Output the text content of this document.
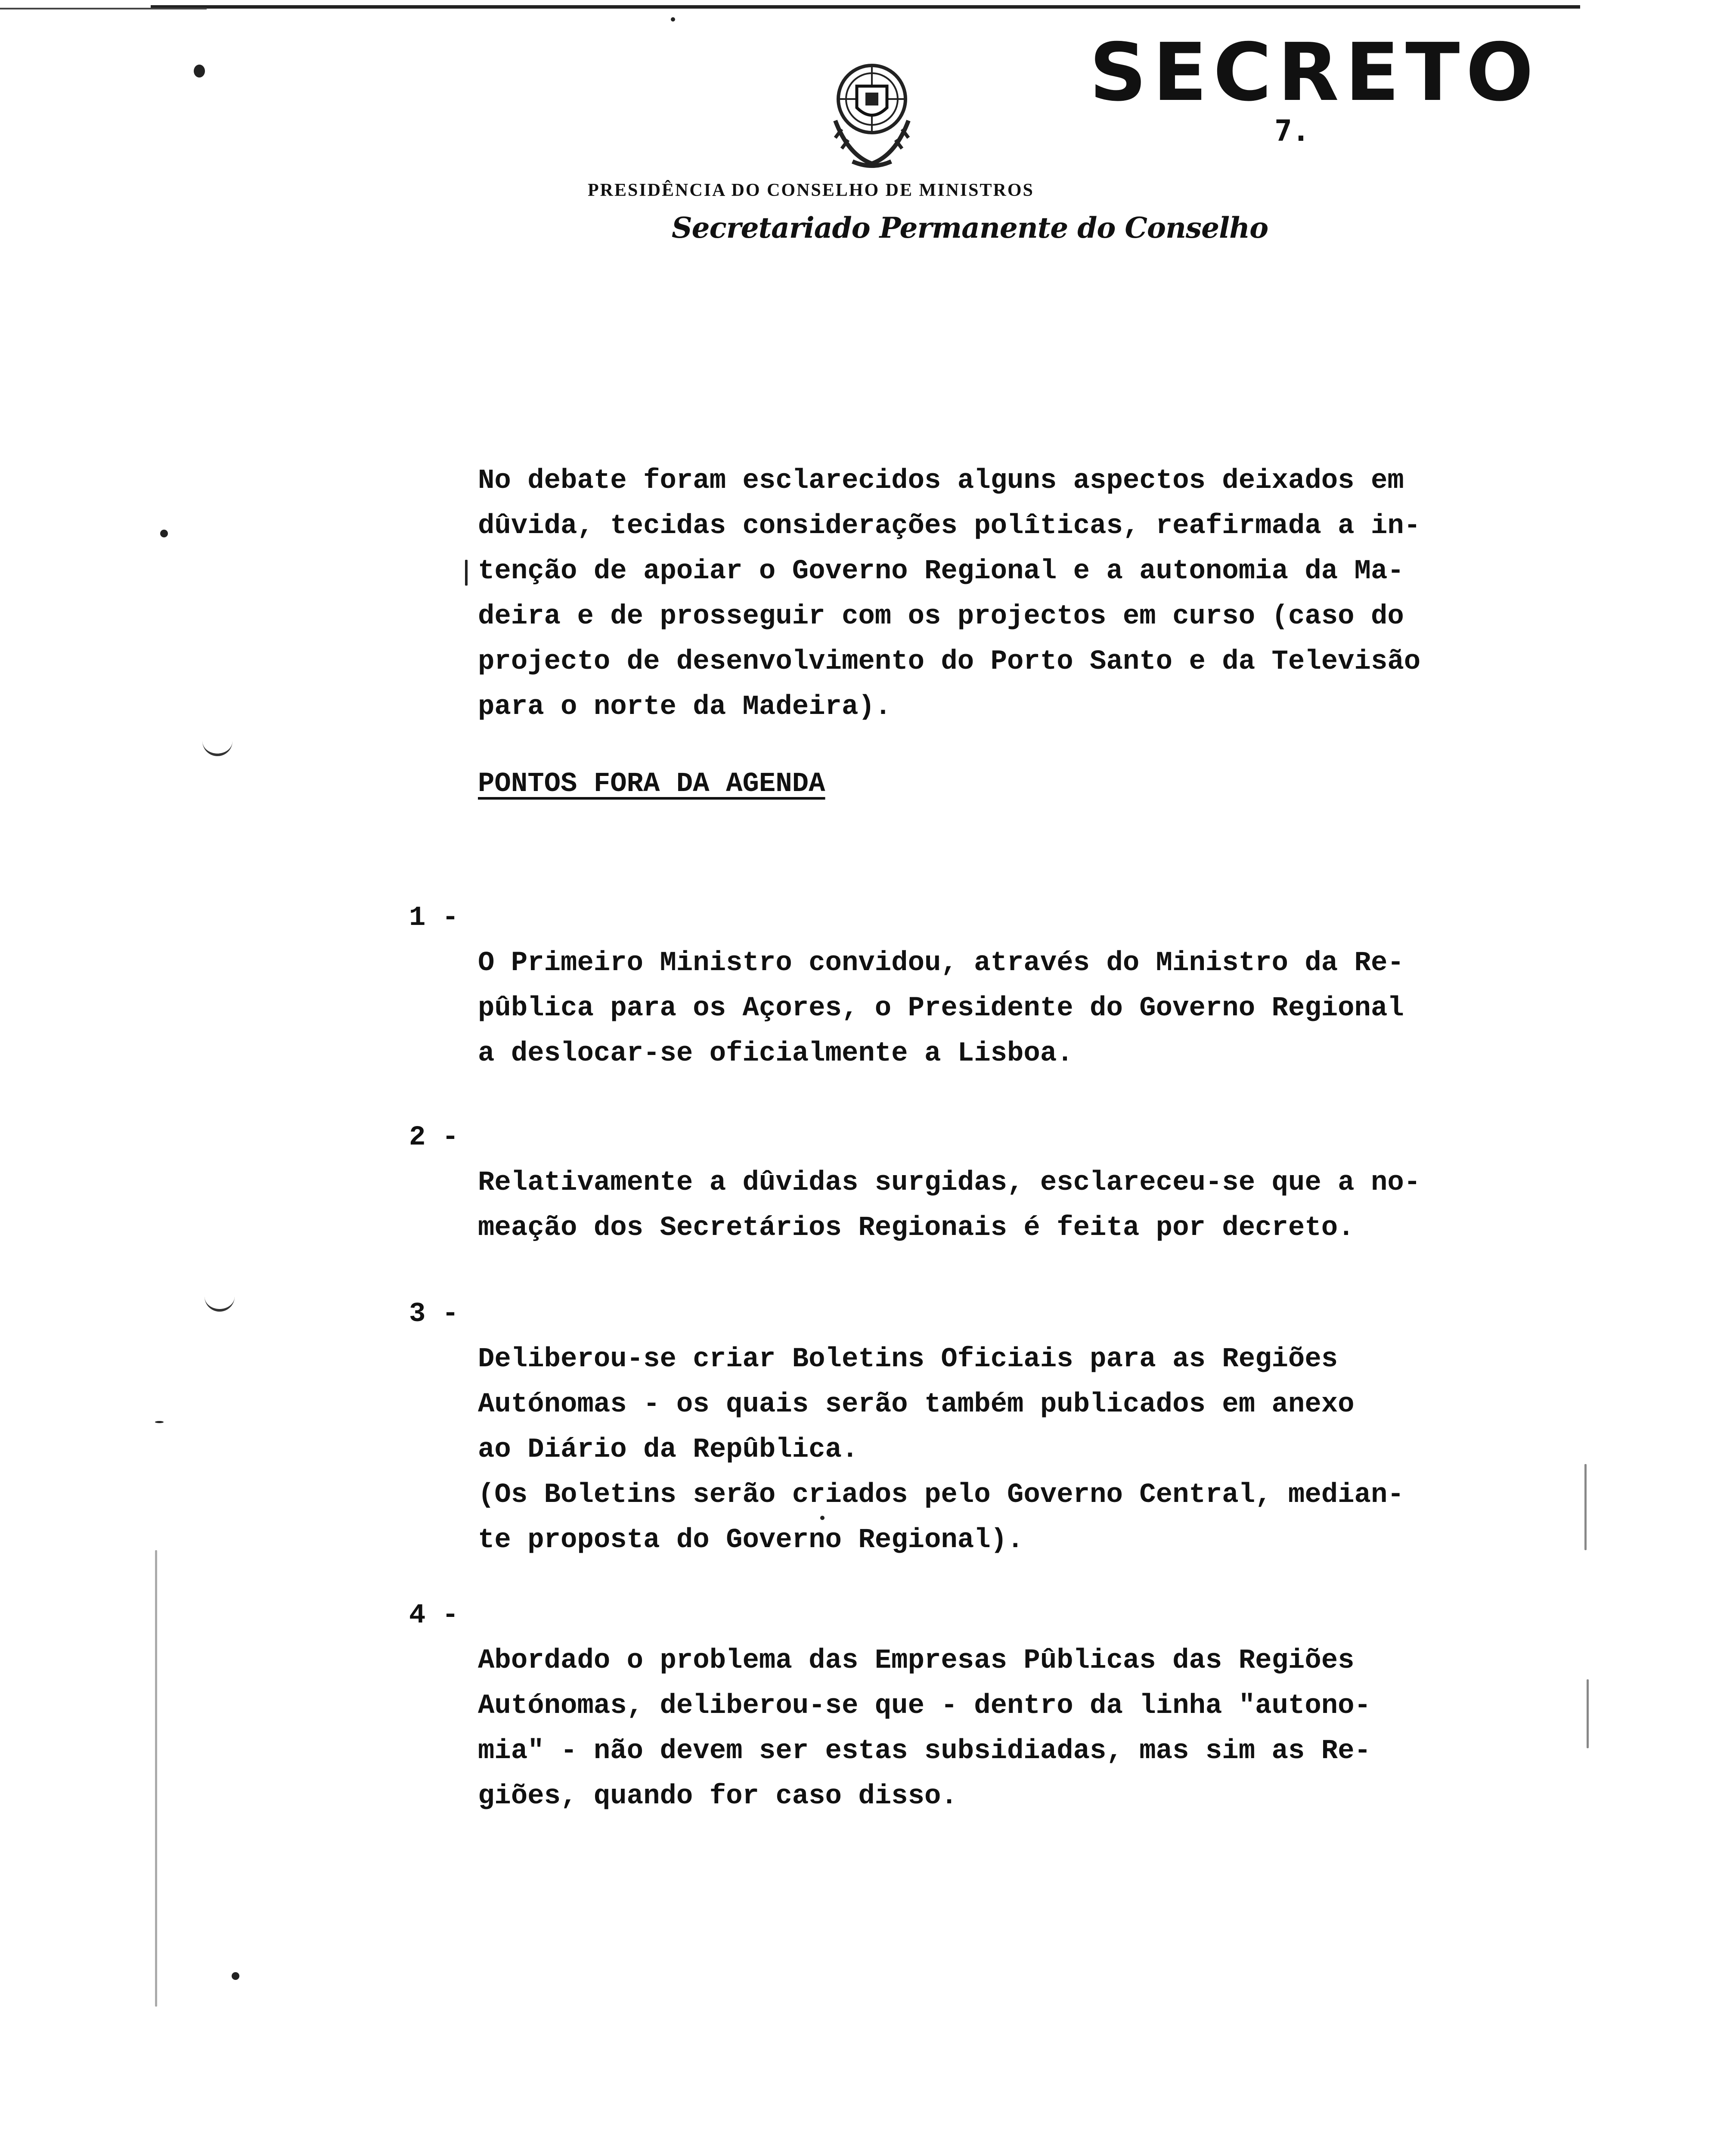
SECRETO
7.
PRESIDÊNCIA DO CONSELHO DE MINISTROS
Secretariado Permanente do Conselho

No debate foram esclarecidos alguns aspectos deixados em
dûvida, tecidas considerações polîticas, reafirmada a in-
tenção de apoiar o Governo Regional e a autonomia da Ma-
deira e de prosseguir com os projectos em curso (caso do
projecto de desenvolvimento do Porto Santo e da Televisão
para o norte da Madeira).

PONTOS FORA DA AGENDA
1 -

O Primeiro Ministro convidou, através do Ministro da Re-
pûblica para os Açores, o Presidente do Governo Regional
a deslocar-se oficialmente a Lisboa.

2 -

Relativamente a dûvidas surgidas, esclareceu-se que a no-
meação dos Secretários Regionais é feita por decreto.

3 -

Deliberou-se criar Boletins Oficiais para as Regiões
Autónomas - os quais serão também publicados em anexo
ao Diário da Repûblica.
(Os Boletins serão criados pelo Governo Central, median-
te proposta do Governo Regional).

4 -

Abordado o problema das Empresas Pûblicas das Regiões
Autónomas, deliberou-se que - dentro da linha "autono-
mia" - não devem ser estas subsidiadas, mas sim as Re-
giões, quando for caso disso.
